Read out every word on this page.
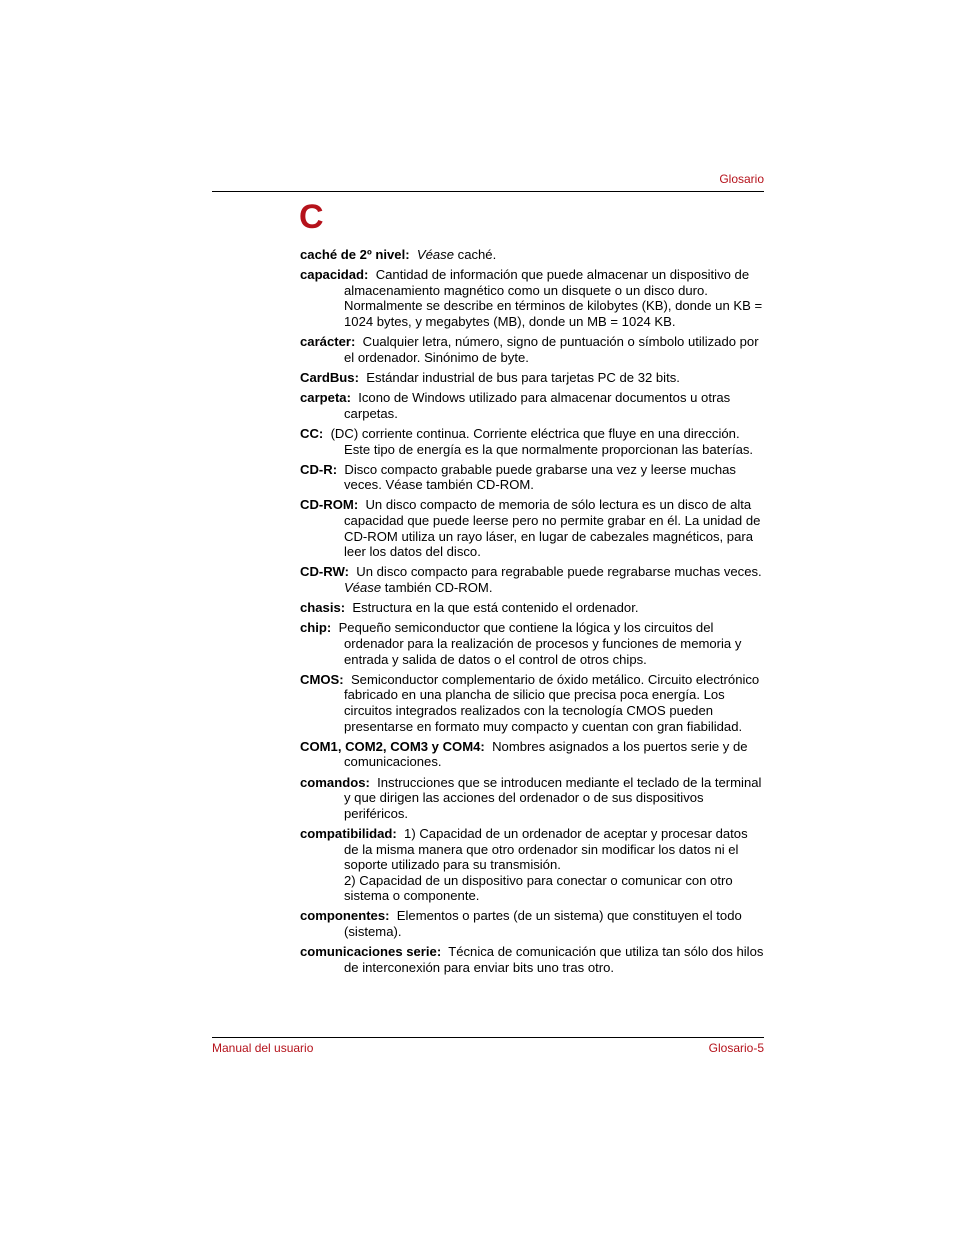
Glosario
C

caché de 2º nivel: Véase caché.

capacidad: Cantidad de información que puede almacenar un dispositivo de almacenamiento magnético como un disquete o un disco duro. Normalmente se describe en términos de kilobytes (KB), donde un KB = 1024 bytes, y megabytes (MB), donde un MB = 1024 KB.

carácter: Cualquier letra, número, signo de puntuación o símbolo utilizado por el ordenador. Sinónimo de byte.

CardBus: Estándar industrial de bus para tarjetas PC de 32 bits.

carpeta: Icono de Windows utilizado para almacenar documentos u otras carpetas.

CC: (DC) corriente continua. Corriente eléctrica que fluye en una dirección. Este tipo de energía es la que normalmente proporcionan las baterías.

CD-R: Disco compacto grabable puede grabarse una vez y leerse muchas veces. Véase también CD-ROM.

CD-ROM: Un disco compacto de memoria de sólo lectura es un disco de alta capacidad que puede leerse pero no permite grabar en él. La unidad de CD-ROM utiliza un rayo láser, en lugar de cabezales magnéticos, para leer los datos del disco.

CD-RW: Un disco compacto para regrabable puede regrabarse muchas veces. Véase también CD-ROM.

chasis: Estructura en la que está contenido el ordenador.

chip: Pequeño semiconductor que contiene la lógica y los circuitos del ordenador para la realización de procesos y funciones de memoria y entrada y salida de datos o el control de otros chips.

CMOS: Semiconductor complementario de óxido metálico. Circuito electrónico fabricado en una plancha de silicio que precisa poca energía. Los circuitos integrados realizados con la tecnología CMOS pueden presentarse en formato muy compacto y cuentan con gran fiabilidad.

COM1, COM2, COM3 y COM4: Nombres asignados a los puertos serie y de comunicaciones.

comandos: Instrucciones que se introducen mediante el teclado de la terminal y que dirigen las acciones del ordenador o de sus dispositivos periféricos.

compatibilidad: 1) Capacidad de un ordenador de aceptar y procesar datos de la misma manera que otro ordenador sin modificar los datos ni el soporte utilizado para su transmisión.
2) Capacidad de un dispositivo para conectar o comunicar con otro sistema o componente.

componentes: Elementos o partes (de un sistema) que constituyen el todo (sistema).

comunicaciones serie: Técnica de comunicación que utiliza tan sólo dos hilos de interconexión para enviar bits uno tras otro.

Manual del usuario	Glosario-5
